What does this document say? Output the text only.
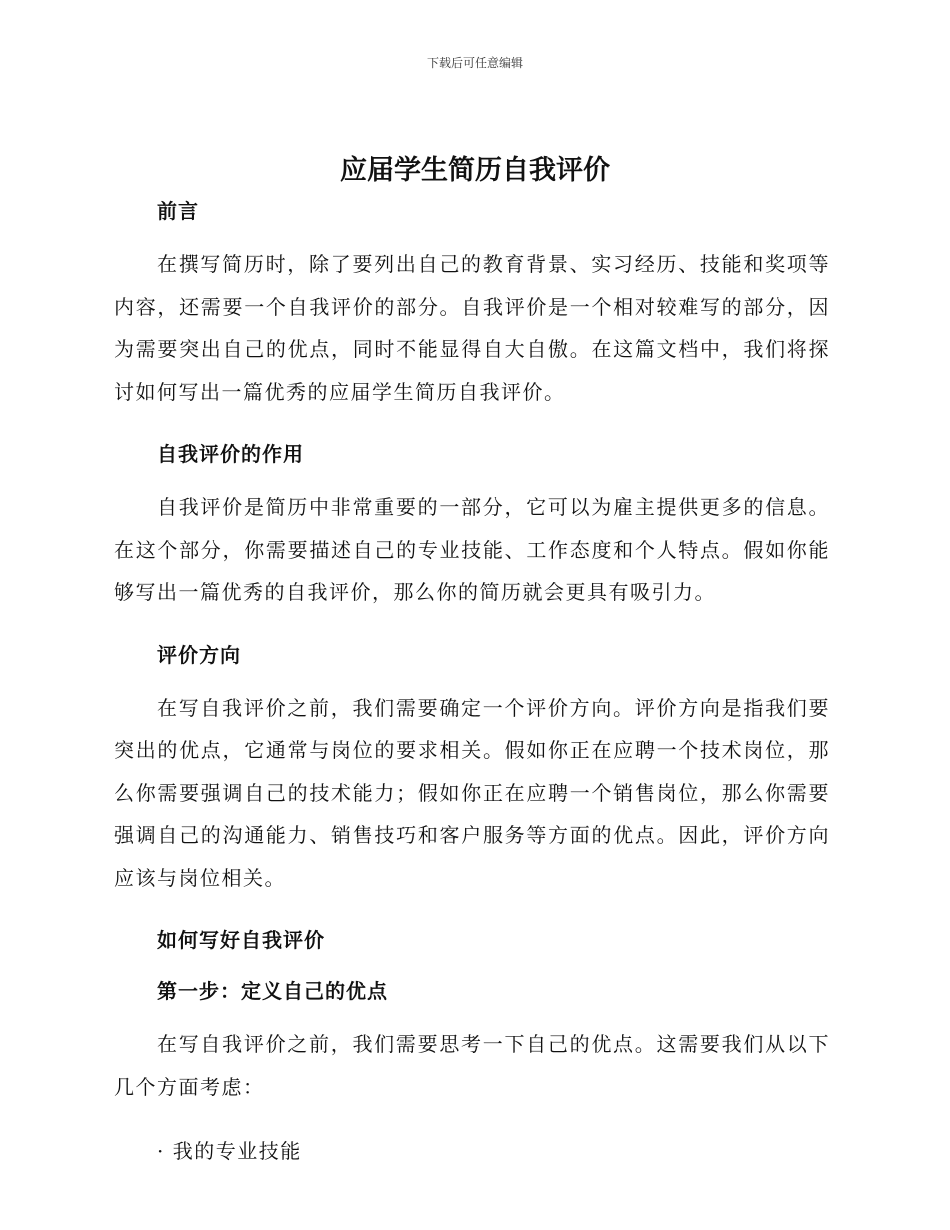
下载后可任意编辑
应届学生简历自我评价
前言
在撰写简历时，除了要列出自己的教育背景、实习经历、技能和奖项等内容，还需要一个自我评价的部分。自我评价是一个相对较难写的部分，因为需要突出自己的优点，同时不能显得自大自傲。在这篇文档中，我们将探讨如何写出一篇优秀的应届学生简历自我评价。
自我评价的作用
自我评价是简历中非常重要的一部分，它可以为雇主提供更多的信息。在这个部分，你需要描述自己的专业技能、工作态度和个人特点。假如你能够写出一篇优秀的自我评价，那么你的简历就会更具有吸引力。
评价方向
在写自我评价之前，我们需要确定一个评价方向。评价方向是指我们要突出的优点，它通常与岗位的要求相关。假如你正在应聘一个技术岗位，那么你需要强调自己的技术能力；假如你正在应聘一个销售岗位，那么你需要强调自己的沟通能力、销售技巧和客户服务等方面的优点。因此，评价方向应该与岗位相关。
如何写好自我评价
第一步：定义自己的优点
在写自我评价之前，我们需要思考一下自己的优点。这需要我们从以下几个方面考虑：
· 我的专业技能
